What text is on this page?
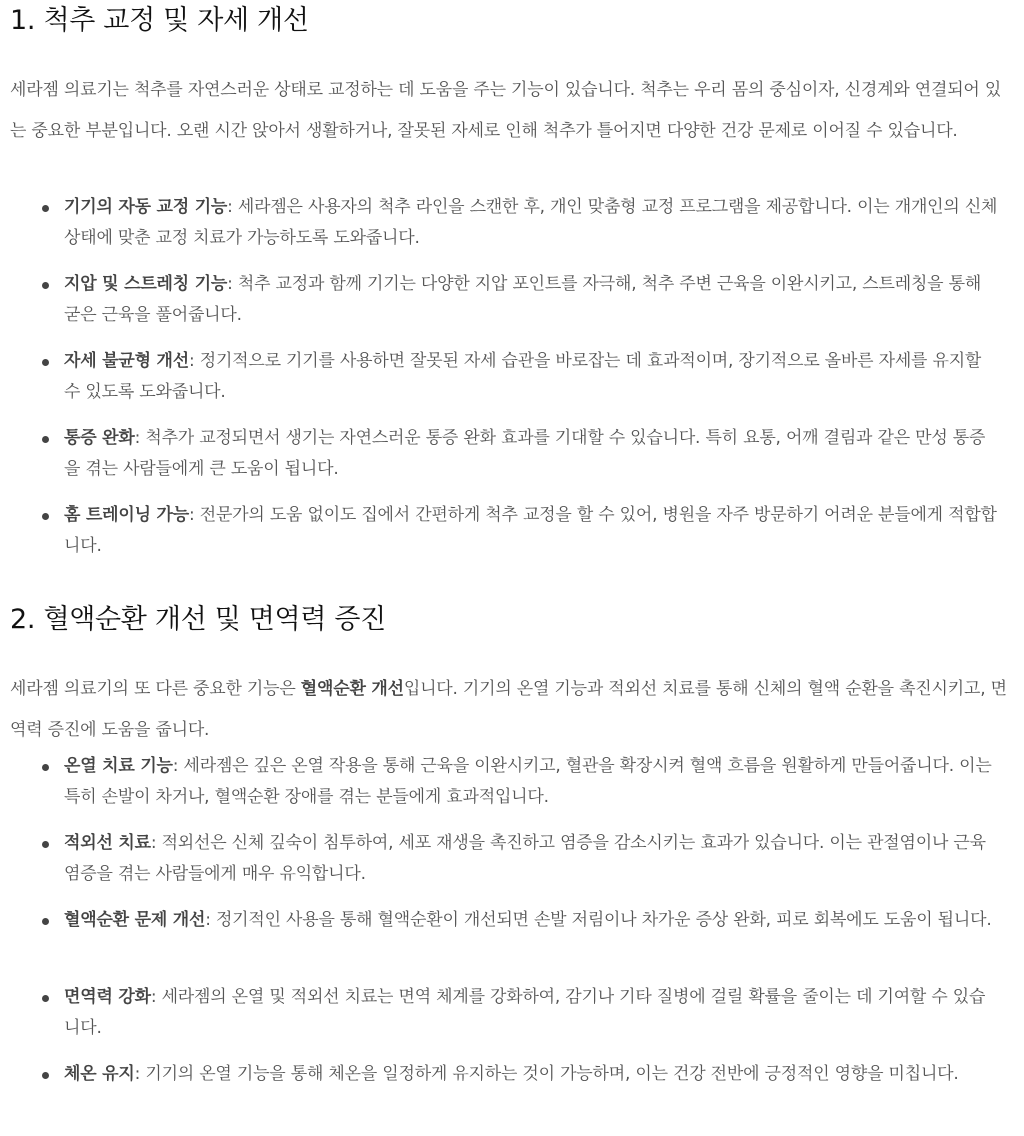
1. 척추 교정 및 자세 개선

세라젬 의료기는 척추를 자연스러운 상태로 교정하는 데 도움을 주는 기능이 있습니다. 척추는 우리 몸의 중심이자, 신경계와 연결되어 있는 중요한 부분입니다. 오랜 시간 앉아서 생활하거나, 잘못된 자세로 인해 척추가 틀어지면 다양한 건강 문제로 이어질 수 있습니다.

기기의 자동 교정 기능: 세라젬은 사용자의 척추 라인을 스캔한 후, 개인 맞춤형 교정 프로그램을 제공합니다. 이는 개개인의 신체 상태에 맞춘 교정 치료가 가능하도록 도와줍니다.
지압 및 스트레칭 기능: 척추 교정과 함께 기기는 다양한 지압 포인트를 자극해, 척추 주변 근육을 이완시키고, 스트레칭을 통해 굳은 근육을 풀어줍니다.
자세 불균형 개선: 정기적으로 기기를 사용하면 잘못된 자세 습관을 바로잡는 데 효과적이며, 장기적으로 올바른 자세를 유지할 수 있도록 도와줍니다.
통증 완화: 척추가 교정되면서 생기는 자연스러운 통증 완화 효과를 기대할 수 있습니다. 특히 요통, 어깨 결림과 같은 만성 통증을 겪는 사람들에게 큰 도움이 됩니다.
홈 트레이닝 가능: 전문가의 도움 없이도 집에서 간편하게 척추 교정을 할 수 있어, 병원을 자주 방문하기 어려운 분들에게 적합합니다.
2. 혈액순환 개선 및 면역력 증진

세라젬 의료기의 또 다른 중요한 기능은 혈액순환 개선입니다. 기기의 온열 기능과 적외선 치료를 통해 신체의 혈액 순환을 촉진시키고, 면역력 증진에 도움을 줍니다.

온열 치료 기능: 세라젬은 깊은 온열 작용을 통해 근육을 이완시키고, 혈관을 확장시켜 혈액 흐름을 원활하게 만들어줍니다. 이는 특히 손발이 차거나, 혈액순환 장애를 겪는 분들에게 효과적입니다.
적외선 치료: 적외선은 신체 깊숙이 침투하여, 세포 재생을 촉진하고 염증을 감소시키는 효과가 있습니다. 이는 관절염이나 근육 염증을 겪는 사람들에게 매우 유익합니다.
혈액순환 문제 개선: 정기적인 사용을 통해 혈액순환이 개선되면 손발 저림이나 차가운 증상 완화, 피로 회복에도 도움이 됩니다.
면역력 강화: 세라젬의 온열 및 적외선 치료는 면역 체계를 강화하여, 감기나 기타 질병에 걸릴 확률을 줄이는 데 기여할 수 있습니다.
체온 유지: 기기의 온열 기능을 통해 체온을 일정하게 유지하는 것이 가능하며, 이는 건강 전반에 긍정적인 영향을 미칩니다.
